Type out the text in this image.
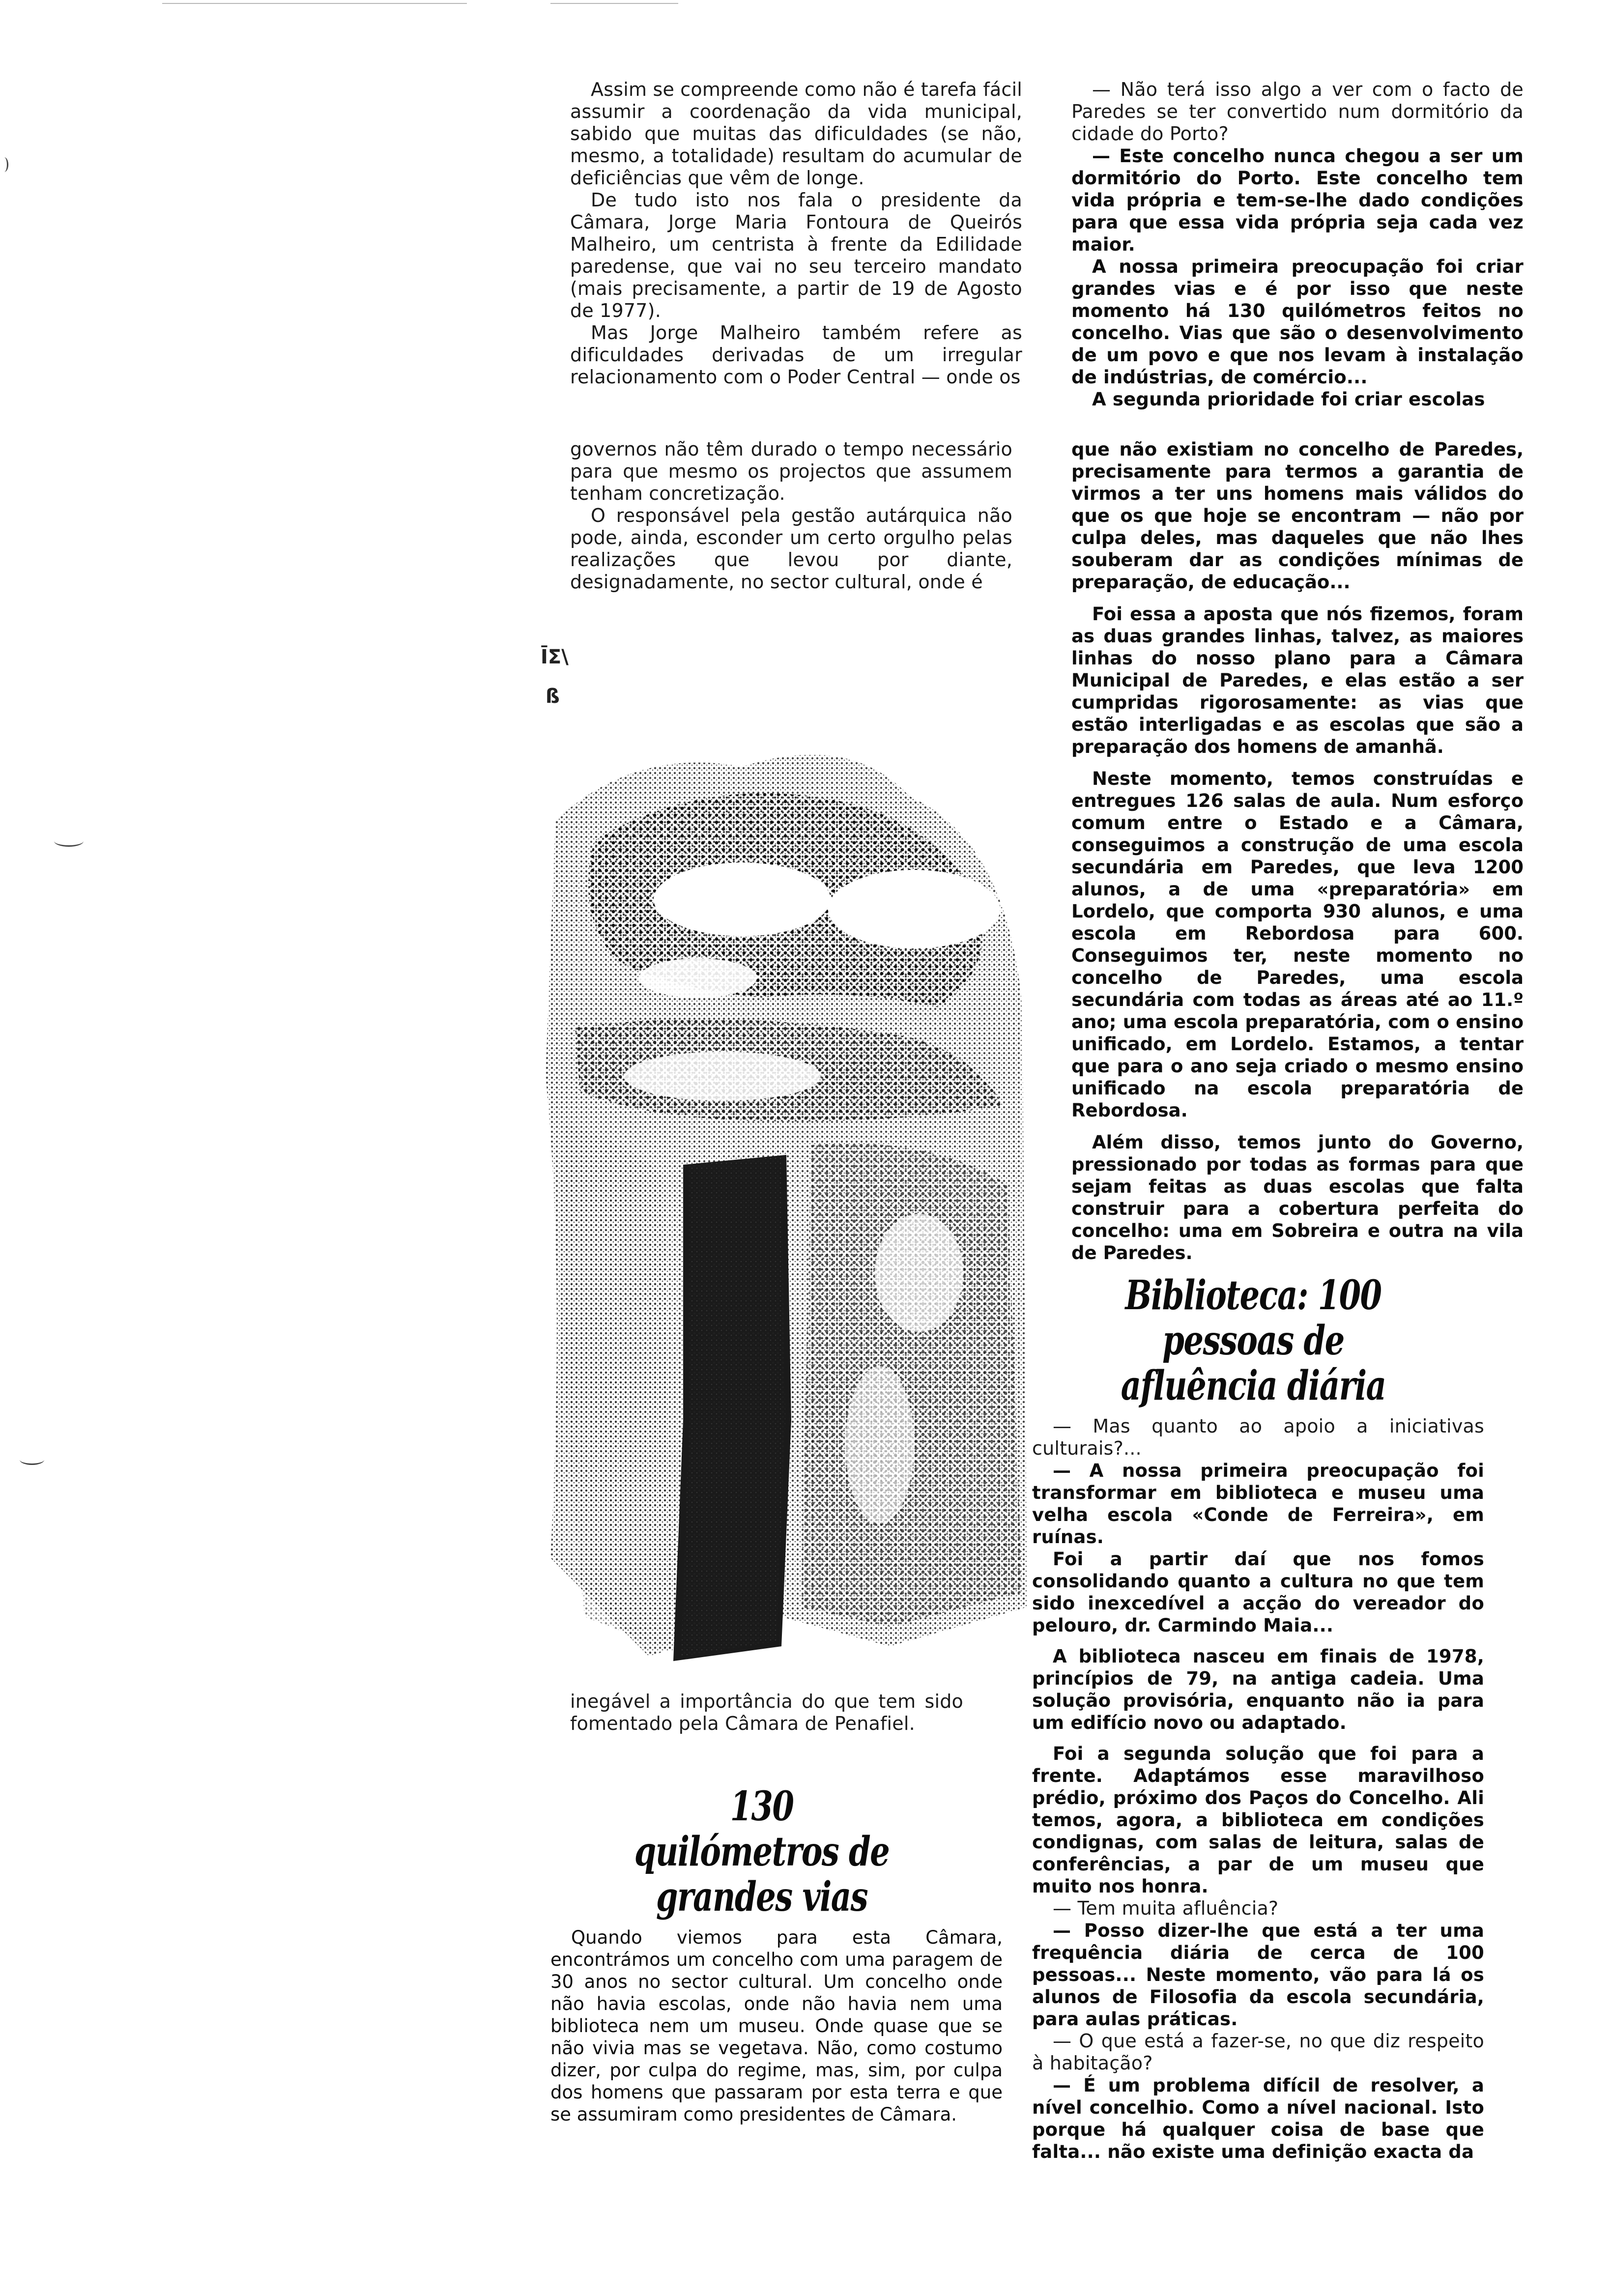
Assim se compreende como não é tarefa fácil assumir a coordenação da vida municipal, sabido que muitas das dificuldades (se não, mesmo, a totalidade) resultam do acumular de deficiências que vêm de longe.

De tudo isto nos fala o presidente da Câmara, Jorge Maria Fontoura de Queirós Malheiro, um centrista à frente da Edilidade paredense, que vai no seu terceiro mandato (mais precisamente, a partir de 19 de Agosto de 1977).

Mas Jorge Malheiro também refere as dificuldades derivadas de um irregular relacionamento com o Poder Central — onde os

— Não terá isso algo a ver com o facto de Paredes se ter convertido num dormitório da cidade do Porto?

— Este concelho nunca chegou a ser um dormitório do Porto. Este concelho tem vida própria e tem-se-lhe dado condições para que essa vida própria seja cada vez maior.

A nossa primeira preocupação foi criar grandes vias e é por isso que neste momento há 130 quilómetros feitos no concelho. Vias que são o desenvolvimento de um povo e que nos levam à instalação de indústrias, de comércio...

A segunda prioridade foi criar escolas

governos não têm durado o tempo necessário para que mesmo os projectos que assumem tenham concretização.

O responsável pela gestão autárquica não pode, ainda, esconder um certo orgulho pelas realizações que levou por diante, designadamente, no sector cultural, onde é

ĪΣ\
ß

que não existiam no concelho de Paredes, precisamente para termos a garantia de virmos a ter uns homens mais válidos do que os que hoje se encontram — não por culpa deles, mas daqueles que não lhes souberam dar as condições mínimas de preparação, de educação...

Foi essa a aposta que nós fizemos, foram as duas grandes linhas, talvez, as maiores linhas do nosso plano para a Câmara Municipal de Paredes, e elas estão a ser cumpridas rigorosamente: as vias que estão interligadas e as escolas que são a preparação dos homens de amanhã.

Neste momento, temos construídas e entregues 126 salas de aula. Num esforço comum entre o Estado e a Câmara, conseguimos a construção de uma escola secundária em Paredes, que leva 1200 alunos, a de uma «preparatória» em Lordelo, que comporta 930 alunos, e uma escola em Rebordosa para 600. Conseguimos ter, neste momento no concelho de Paredes, uma escola secundária com todas as áreas até ao 11.º ano; uma escola preparatória, com o ensino unificado, em Lordelo. Estamos, a tentar que para o ano seja criado o mesmo ensino unificado na escola preparatória de Rebordosa.

Além disso, temos junto do Governo, pressionado por todas as formas para que sejam feitas as duas escolas que falta construir para a cobertura perfeita do concelho: uma em Sobreira e outra na vila de Paredes.

Biblioteca: 100 pessoas de afluência diária

— Mas quanto ao apoio a iniciativas culturais?...

— A nossa primeira preocupação foi transformar em biblioteca e museu uma velha escola «Conde de Ferreira», em ruínas.

Foi a partir daí que nos fomos consolidando quanto a cultura no que tem sido inexcedível a acção do vereador do pelouro, dr. Carmindo Maia...

A biblioteca nasceu em finais de 1978, princípios de 79, na antiga cadeia. Uma solução provisória, enquanto não ia para um edifício novo ou adaptado.

Foi a segunda solução que foi para a frente. Adaptámos esse maravilhoso prédio, próximo dos Paços do Concelho. Ali temos, agora, a biblioteca em condições condignas, com salas de leitura, salas de conferências, a par de um museu que muito nos honra.

— Tem muita afluência?

— Posso dizer-lhe que está a ter uma frequência diária de cerca de 100 pessoas... Neste momento, vão para lá os alunos de Filosofia da escola secundária, para aulas práticas.

— O que está a fazer-se, no que diz respeito à habitação?

— É um problema difícil de resolver, a nível concelhio. Como a nível nacional. Isto porque há qualquer coisa de base que falta... não existe uma definição exacta da

inegável a importância do que tem sido fomentado pela Câmara de Penafiel.

130 quilómetros de grandes vias

Quando viemos para esta Câmara, encontrámos um concelho com uma paragem de 30 anos no sector cultural. Um concelho onde não havia escolas, onde não havia nem uma biblioteca nem um museu. Onde quase que se não vivia mas se vegetava. Não, como costumo dizer, por culpa do regime, mas, sim, por culpa dos homens que passaram por esta terra e que se assumiram como presidentes de Câmara.
